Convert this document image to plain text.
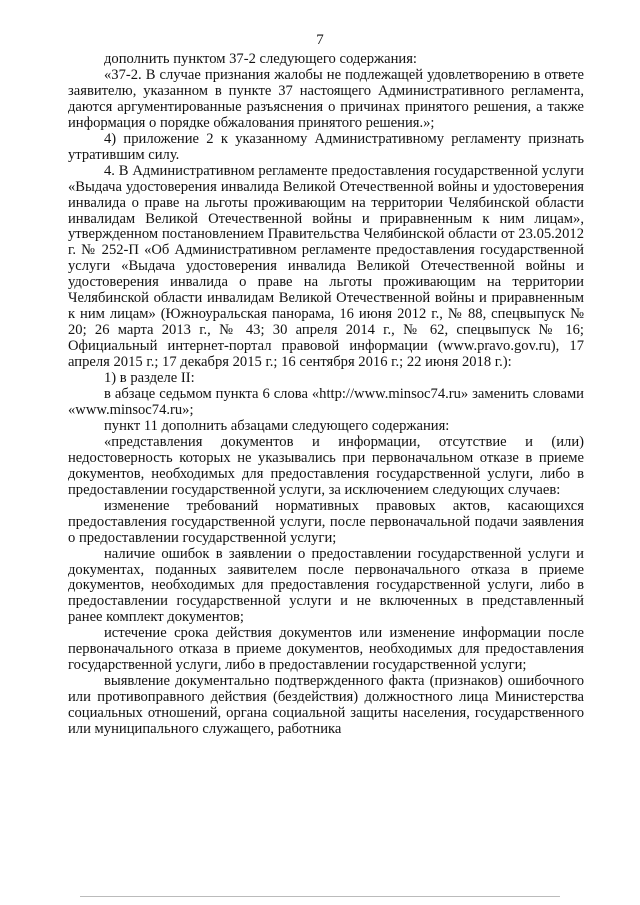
7

дополнить пунктом 37-2 следующего содержания:

«37-2. В случае признания жалобы не подлежащей удовлетворению в ответе заявителю, указанном в пункте 37 настоящего Административного регламента, даются аргументированные разъяснения о причинах принятого решения, а также информация о порядке обжалования принятого решения.»;

4) приложение 2 к указанному Административному регламенту признать утратившим силу.

4. В Административном регламенте предоставления государственной услуги «Выдача удостоверения инвалида Великой Отечественной войны и удостоверения инвалида о праве на льготы проживающим на территории Челябинской области инвалидам Великой Отечественной войны и приравненным к ним лицам», утвержденном постановлением Правительства Челябинской области от 23.05.2012 г. № 252-П «Об Административном регламенте предоставления государственной услуги «Выдача удостоверения инвалида Великой Отечественной войны и удостоверения инвалида о праве на льготы проживающим на территории Челябинской области инвалидам Великой Отечественной войны и приравненным к ним лицам» (Южноуральская панорама, 16 июня 2012 г., № 88, спецвыпуск № 20; 26 марта 2013 г., № 43; 30 апреля 2014 г., № 62, спецвыпуск № 16; Официальный интернет-портал правовой информации (www.pravo.gov.ru), 17 апреля 2015 г.; 17 декабря 2015 г.; 16 сентября 2016 г.; 22 июня 2018 г.):

1) в разделе II:

в абзаце седьмом пункта 6 слова «http://www.minsoc74.ru» заменить словами «www.minsoc74.ru»;

пункт 11 дополнить абзацами следующего содержания:

«представления документов и информации, отсутствие и (или) недостоверность которых не указывались при первоначальном отказе в приеме документов, необходимых для предоставления государственной услуги, либо в предоставлении государственной услуги, за исключением следующих случаев:

изменение требований нормативных правовых актов, касающихся предоставления государственной услуги, после первоначальной подачи заявления о предоставлении государственной услуги;

наличие ошибок в заявлении о предоставлении государственной услуги и документах, поданных заявителем после первоначального отказа в приеме документов, необходимых для предоставления государственной услуги, либо в предоставлении государственной услуги и не включенных в представленный ранее комплект документов;

истечение срока действия документов или изменение информации после первоначального отказа в приеме документов, необходимых для предоставления государственной услуги, либо в предоставлении государственной услуги;

выявление документально подтвержденного факта (признаков) ошибочного или противоправного действия (бездействия) должностного лица Министерства социальных отношений, органа социальной защиты населения, государственного или муниципального служащего, работника
